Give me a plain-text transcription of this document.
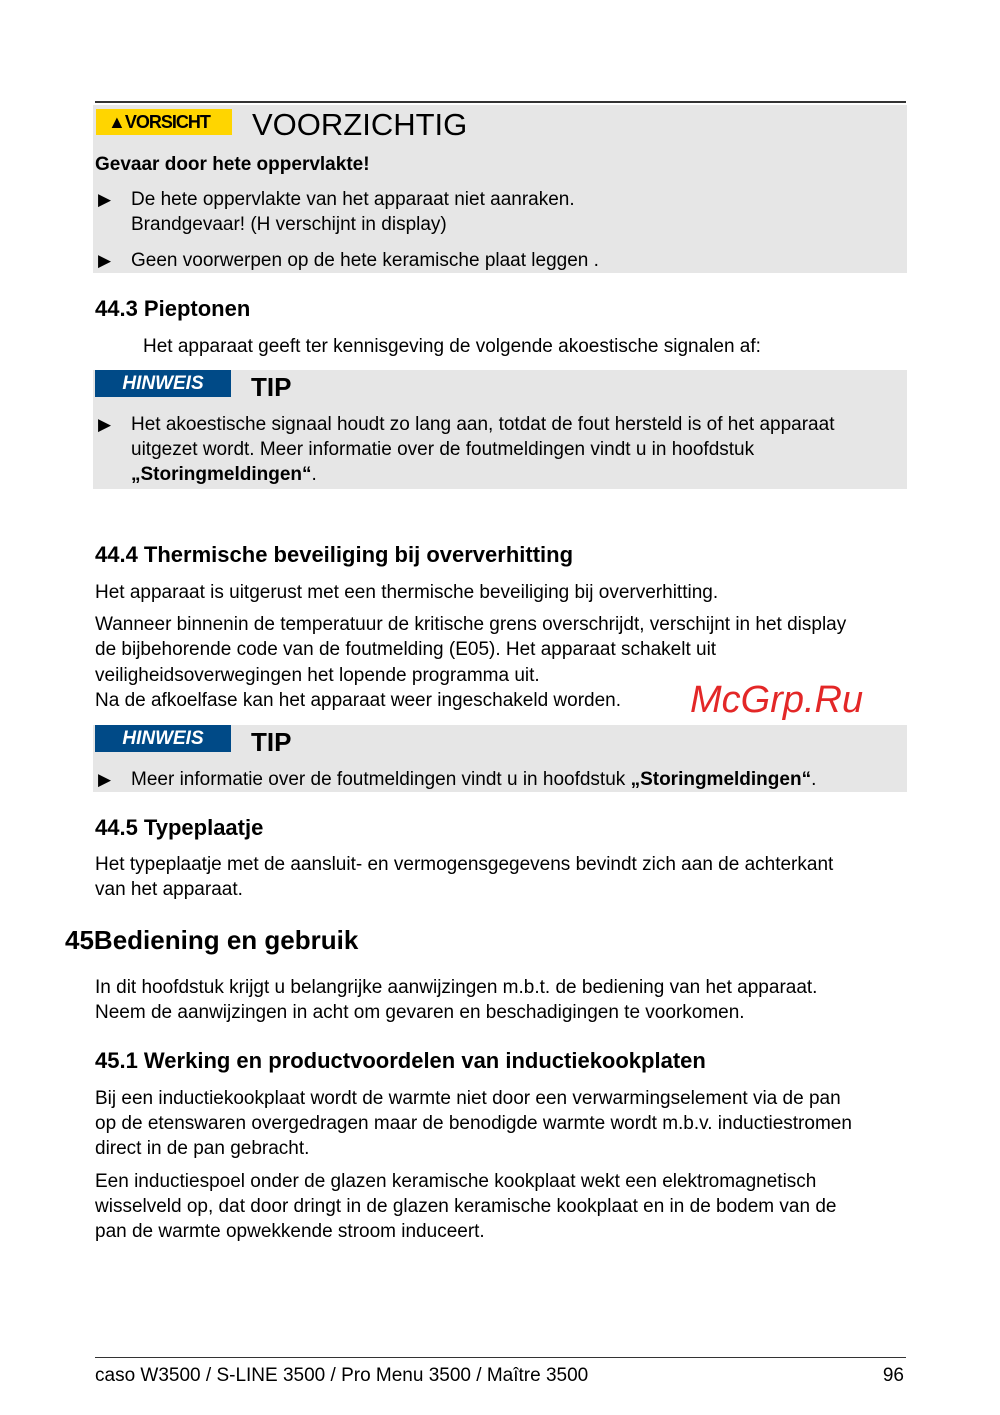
▲VORSICHT	VOORZICHTIG
Gevaar door hete oppervlakte!
▶ De hete oppervlakte van het apparaat niet aanraken.
Brandgevaar! (H verschijnt in display)
▶ Geen voorwerpen op de hete keramische plaat leggen .
44.3 Pieptonen
Het apparaat geeft ter kennisgeving de volgende akoestische signalen af:
HINWEIS	TIP
▶ Het akoestische signaal houdt zo lang aan, totdat de fout hersteld is of het apparaat
uitgezet wordt. Meer informatie over de foutmeldingen vindt u in hoofdstuk
„Storingmeldingen“.
44.4 Thermische beveiliging bij oververhitting
Het apparaat is uitgerust met een thermische beveiliging bij oververhitting.
Wanneer binnenin de temperatuur de kritische grens overschrijdt, verschijnt in het display
de bijbehorende code van de foutmelding (E05). Het apparaat schakelt uit
veiligheidsoverwegingen het lopende programma uit.
Na de afkoelfase kan het apparaat weer ingeschakeld worden. McGrp.Ru
HINWEIS	TIP
▶ Meer informatie over de foutmeldingen vindt u in hoofdstuk „Storingmeldingen“.
44.5 Typeplaatje
Het typeplaatje met de aansluit- en vermogensgegevens bevindt zich aan de achterkant
van het apparaat.
45Bediening en gebruik
In dit hoofdstuk krijgt u belangrijke aanwijzingen m.b.t. de bediening van het apparaat.
Neem de aanwijzingen in acht om gevaren en beschadigingen te voorkomen.
45.1 Werking en productvoordelen van inductiekookplaten
Bij een inductiekookplaat wordt de warmte niet door een verwarmingselement via de pan
op de etenswaren overgedragen maar de benodigde warmte wordt m.b.v. inductiestromen
direct in de pan gebracht.
Een inductiespoel onder de glazen keramische kookplaat wekt een elektromagnetisch
wisselveld op, dat door dringt in de glazen keramische kookplaat en in de bodem van de
pan de warmte opwekkende stroom induceert.
caso W3500 / S-LINE 3500 / Pro Menu 3500 / Maître 3500	96
